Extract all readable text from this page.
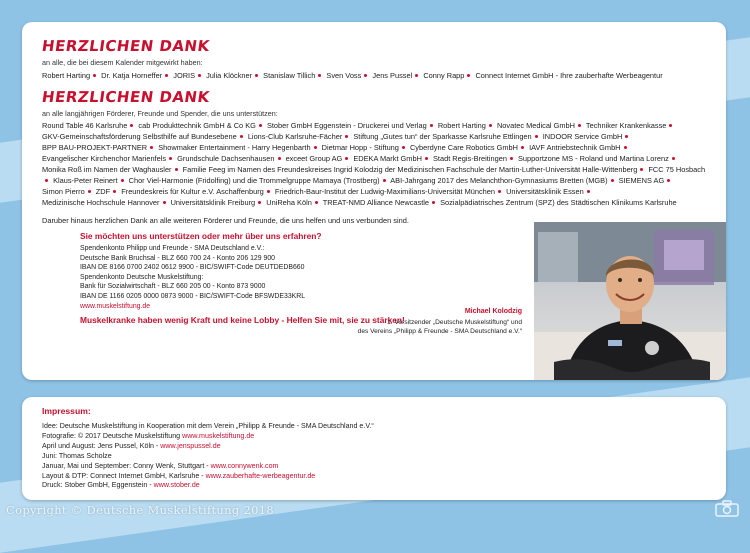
HERZLICHEN DANK
an alle, die bei diesem Kalender mitgewirkt haben:
Robert Harting Dr. Katja Horneffer JORIS Julia Klöckner Stanislaw Tillich Sven Voss Jens Pussel Conny Rapp Connect Internet GmbH - Ihre zauberhafte Werbeagentur
HERZLICHEN DANK
an alle langjährigen Förderer, Freunde und Spender, die uns unterstützen:
Round Table 46 Karlsruhe cab Produkttechnik GmbH & Co KG Stober GmbH Eggenstein - Druckerei und Verlag Robert Harting Novatec Medical GmbH Techniker Krankenkasse GKV-Gemeinschaftsförderung Selbsthilfe auf Bundesebene Lions-Club Karlsruhe-Fächer Stiftung „Gutes tun“ der Sparkasse Karlsruhe Ettlingen INDOOR Service GmbH BPP BAU-PROJEKT-PARTNER Showmaker Entertainment - Harry Hegenbarth Dietmar Hopp - Stiftung Cyberdyne Care Robotics GmbH IAVF Antriebstechnik GmbH Evangelischer Kirchenchor Marienfels Grundschule Dachsenhausen exceet Group AG EDEKA Markt GmbH Stadt Regis-Breitingen Supportzone MS - Roland und Martina Lorenz Monika Roß im Namen der Waghausler Familie Feeg im Namen des Freundeskreises Ingrid Kolodzig der Medizinischen Fachschule der Martin-Luther-Universität Halle-Wittenberg FCC 75 Hosbach Klaus-Peter Reinert Chor Viel-Harmonie (Fridolfing) und die Trommelgruppe Mamaya (Trostberg) ABI-Jahrgang 2017 des Melanchthon-Gymnasiums Bretten (MGB) SIEMENS AG Simon Pierro ZDF Freundeskreis für Kultur e.V. Aschaffenburg Friedrich-Baur-Institut der Ludwig-Maximilians-Universität München Universitätsklinik Essen Medizinische Hochschule Hannover Universitätsklinik Freiburg UniReha Köln TREAT-NMD Alliance Newcastle Sozialpädiatrisches Zentrum (SPZ) des Städtischen Klinikums Karlsruhe
Daruber hinaus herzlichen Dank an alle weiteren Förderer und Freunde, die uns helfen und uns verbunden sind.
Sie möchten uns unterstützen oder mehr über uns erfahren?
Spendenkonto Philipp und Freunde - SMA Deutschland e.V.:
Deutsche Bank Bruchsal - BLZ 660 700 24 - Konto 206 129 900
IBAN DE 8166 0700 2402 0612 9900 - BIC/SWIFT-Code DEUTDEDB660
Spendenkonto Deutsche Muskelstiftung:
Bank für Sozialwirtschaft - BLZ 660 205 00 - Konto 873 9000
IBAN DE 1166 0205 0000 0873 9000 - BIC/SWIFT-Code BFSWDE33KRL
www.muskelstiftung.de
Muskelkranke haben wenig Kraft und keine Lobby - Helfen Sie mit, sie zu stärken!
Michael Kolodzig
1. Vorsitzender „Deutsche Muskelstiftung“ und
des Vereins „Philipp & Freunde - SMA Deutschland e.V.“
Impressum:
Idee: Deutsche Muskelstiftung in Kooperation mit dem Verein „Philipp & Freunde - SMA Deutschland e.V.“
Fotografie: © 2017 Deutsche Muskelstiftung www.muskelstiftung.de
April und August: Jens Pussel, Köln - www.jenspussel.de
Juni: Thomas Scholze
Januar, Mai und September: Conny Wenk, Stuttgart - www.connywenk.com
Layout & DTP: Connect Internet GmbH, Karlsruhe - www.zauberhafte-werbeagentur.de
Druck: Stober GmbH, Eggenstein - www.stober.de
Copyright © Deutsche Muskelstiftung 2018
